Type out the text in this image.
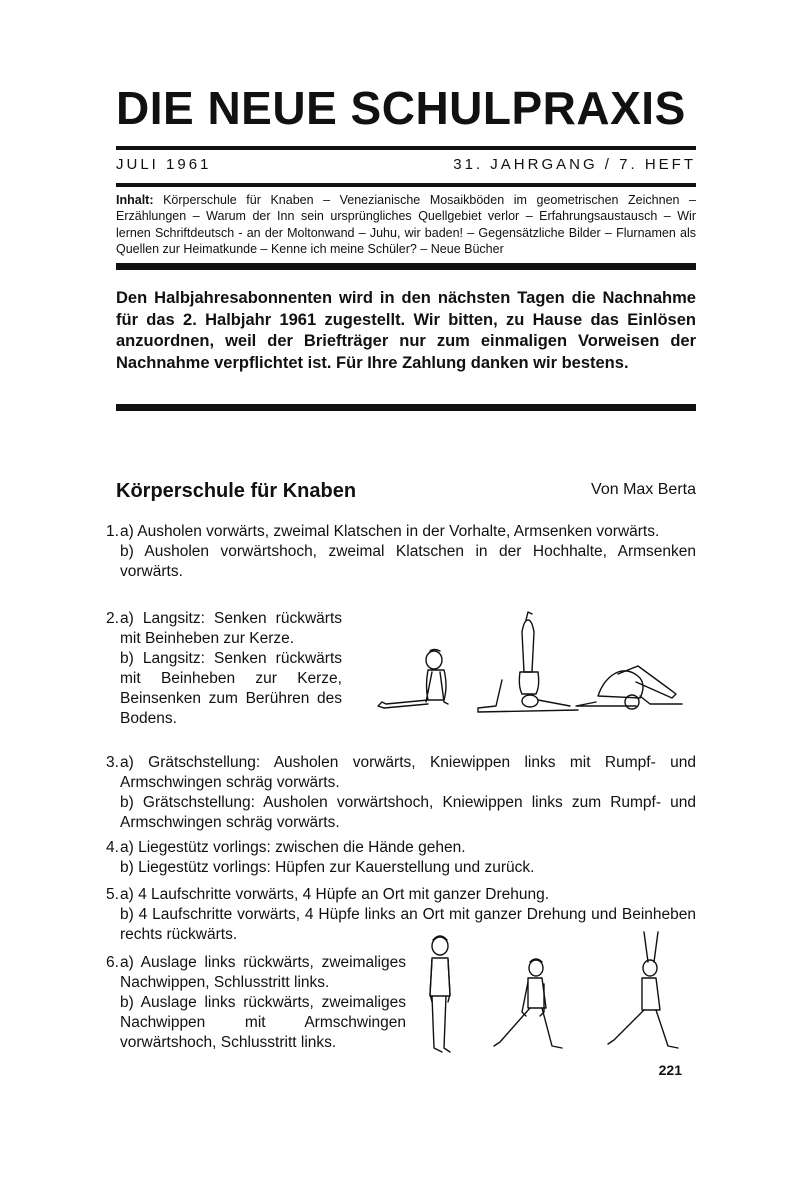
DIE NEUE SCHULPRAXIS
JULI 1961	31. JAHRGANG / 7. HEFT

Inhalt: Körperschule für Knaben – Venezianische Mosaikböden im geometrischen Zeichnen – Erzählungen – Warum der Inn sein ursprüngliches Quellgebiet verlor – Erfahrungsaustausch – Wir lernen Schriftdeutsch - an der Moltonwand – Juhu, wir baden! – Gegensätzliche Bilder – Flurnamen als Quellen zur Heimatkunde – Kenne ich meine Schüler? – Neue Bücher

Den Halbjahresabonnenten wird in den nächsten Tagen die Nachnahme für das 2. Halbjahr 1961 zugestellt. Wir bitten, zu Hause das Einlösen anzuordnen, weil der Briefträger nur zum einmaligen Vorweisen der Nachnahme verpflichtet ist. Für Ihre Zahlung danken wir bestens.

Körperschule für Knaben	Von Max Berta
1. a) Ausholen vorwärts, zweimal Klatschen in der Vorhalte, Armsenken vorwärts.

b) Ausholen vorwärtshoch, zweimal Klatschen in der Hochhalte, Armsenken vorwärts.

2. a) Langsitz: Senken rückwärts mit Beinheben zur Kerze.

b) Langsitz: Senken rückwärts mit Beinheben zur Kerze, Beinsenken zum Berühren des Bodens.

3. a) Grätschstellung: Ausholen vorwärts, Kniewippen links mit Rumpf- und Armschwingen schräg vorwärts.

b) Grätschstellung: Ausholen vorwärtshoch, Kniewippen links zum Rumpf- und Armschwingen schräg vorwärts.

4. a) Liegestütz vorlings: zwischen die Hände gehen.

b) Liegestütz vorlings: Hüpfen zur Kauerstellung und zurück.

5. a) 4 Laufschritte vorwärts, 4 Hüpfe an Ort mit ganzer Drehung.

b) 4 Laufschritte vorwärts, 4 Hüpfe links an Ort mit ganzer Drehung und Beinheben rechts rückwärts.

6. a) Auslage links rückwärts, zweimaliges Nachwippen, Schlusstritt links.

b) Auslage links rückwärts, zweimaliges Nachwippen mit Armschwingen vorwärtshoch, Schlusstritt links.

221
